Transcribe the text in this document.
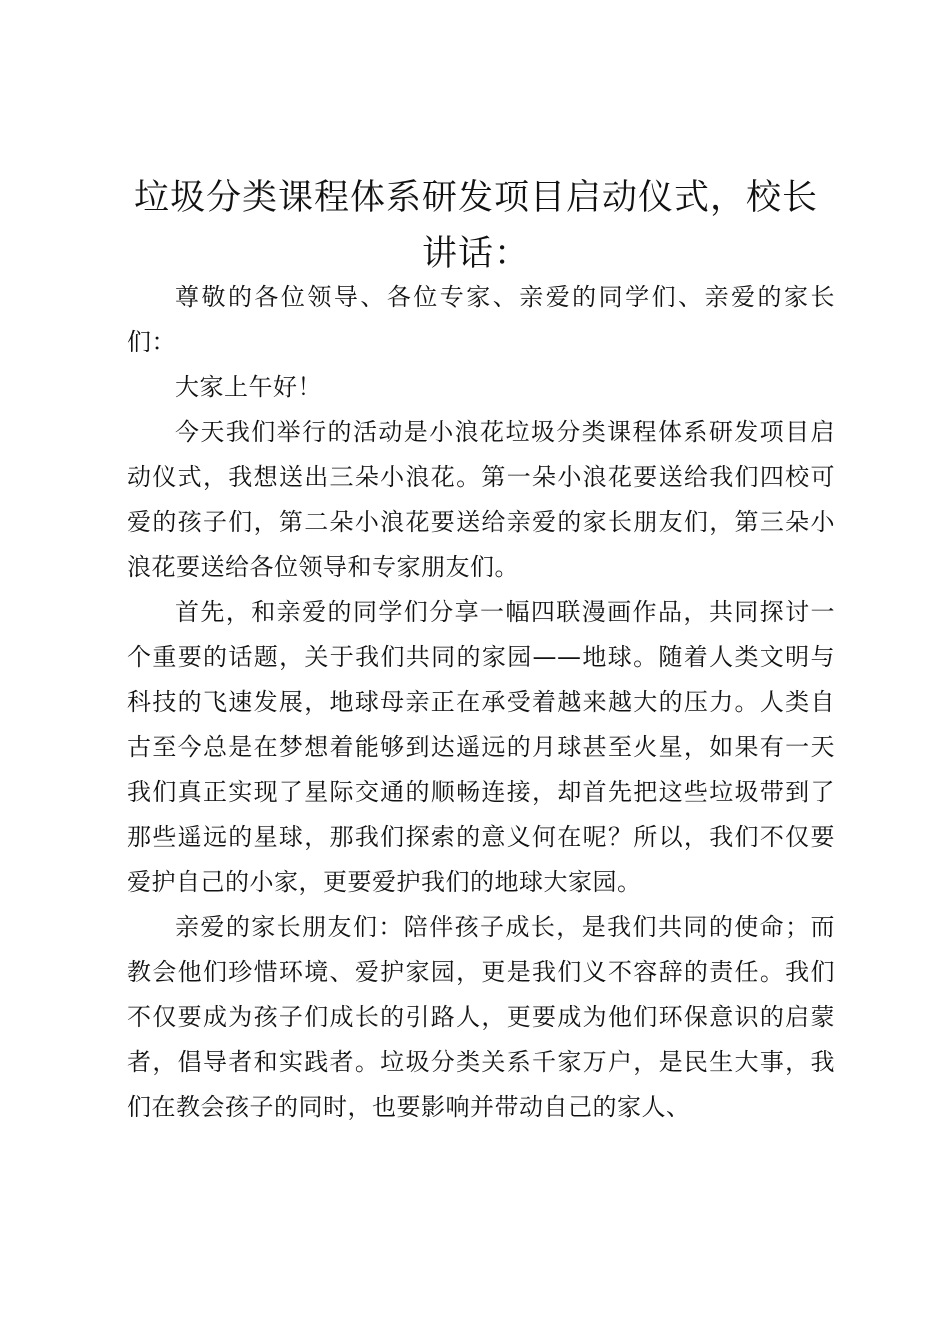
垃圾分类课程体系研发项目启动仪式，校长讲话：

尊敬的各位领导、各位专家、亲爱的同学们、亲爱的家长们：

大家上午好！

今天我们举行的活动是小浪花垃圾分类课程体系研发项目启动仪式，我想送出三朵小浪花。第一朵小浪花要送给我们四校可爱的孩子们，第二朵小浪花要送给亲爱的家长朋友们，第三朵小浪花要送给各位领导和专家朋友们。

首先，和亲爱的同学们分享一幅四联漫画作品，共同探讨一个重要的话题，关于我们共同的家园——地球。随着人类文明与科技的飞速发展，地球母亲正在承受着越来越大的压力。人类自古至今总是在梦想着能够到达遥远的月球甚至火星，如果有一天我们真正实现了星际交通的顺畅连接，却首先把这些垃圾带到了那些遥远的星球，那我们探索的意义何在呢？所以，我们不仅要爱护自己的小家，更要爱护我们的地球大家园。

亲爱的家长朋友们：陪伴孩子成长，是我们共同的使命；而教会他们珍惜环境、爱护家园，更是我们义不容辞的责任。我们不仅要成为孩子们成长的引路人，更要成为他们环保意识的启蒙者，倡导者和实践者。垃圾分类关系千家万户，是民生大事，我们在教会孩子的同时，也要影响并带动自己的家人、
